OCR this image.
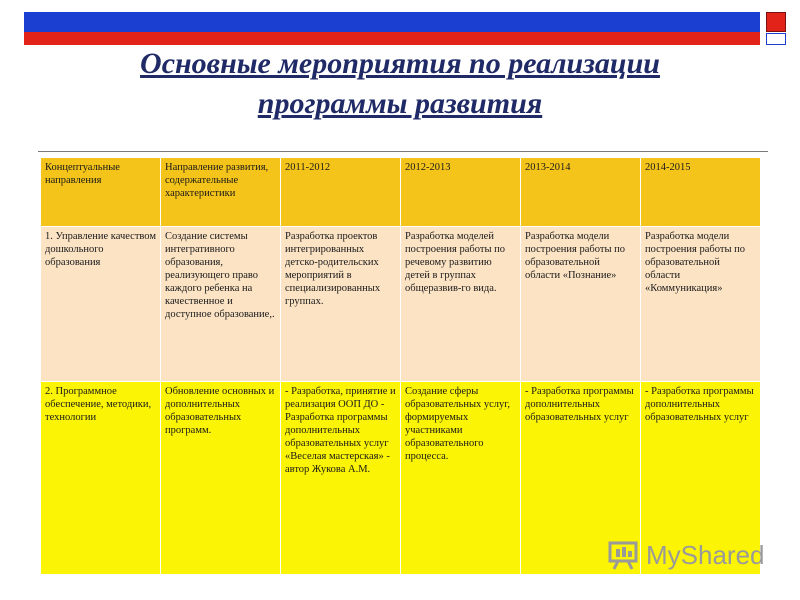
Основные мероприятия по реализации
программы развития
Концептуальные направления	Направление развития, содержательные характеристики	2011-2012	2012-2013	2013-2014	2014-2015
1. Управление качеством дошкольного образования	Создание системы интегративного образования, реализующего право каждого ребенка на качественное и доступное образование,.	Разработка проектов интегрированных детско-родительских мероприятий в специализированных группах.	Разработка моделей построения работы по речевому развитию детей в группах общеразвив-го вида.	Разработка модели построения работы по образовательной области «Познание»	Разработка модели построения работы по образовательной области «Коммуникация»
2. Программное обеспечение, методики, технологии	Обновление основных и дополнительных образовательных программ.	- Разработка, принятие и реализация ООП ДО - Разработка программы дополнительных образовательных услуг «Веселая мастерская» - автор Жукова А.М.	Создание сферы образовательных услуг, формируемых участниками образовательного процесса.	- Разработка программы дополнительных образовательных услуг	- Разработка программы дополнительных образовательных услуг
MyShared
